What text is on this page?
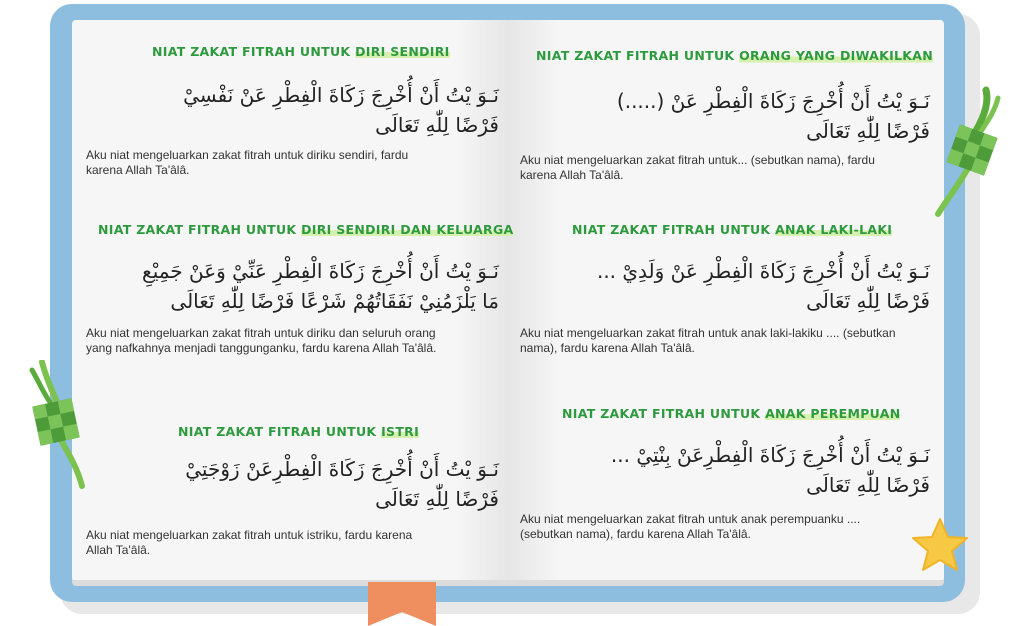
NIAT ZAKAT FITRAH UNTUK DIRI SENDIRI
نَـوَ يْتُ أَنْ أُخْرِجَ زَكَاةَ الْفِطْرِ عَنْ نَفْسِيْ
فَرْضًا لِلّٰهِ تَعَالَى
Aku niat mengeluarkan zakat fitrah untuk diriku sendiri, fardu karena Allah Ta'âlâ.
NIAT ZAKAT FITRAH UNTUK DIRI SENDIRI DAN KELUARGA
نَـوَ يْتُ أَنْ أُخْرِجَ زَكَاةَ الْفِطْرِ عَنِّيْ وَعَنْ جَمِيْعِ
مَا يَلْزَمُنِيْ نَفَقَاتُهُمْ شَرْعًا فَرْضًا لِلّٰهِ تَعَالَى
Aku niat mengeluarkan zakat fitrah untuk diriku dan seluruh orang yang nafkahnya menjadi tanggunganku, fardu karena Allah Ta'âlâ.
NIAT ZAKAT FITRAH UNTUK ISTRI
نَـوَ يْتُ أَنْ أُخْرِجَ زَكَاةَ الْفِطْرِعَنْ زَوْجَتِيْ
فَرْضًا لِلّٰهِ تَعَالَى
Aku niat mengeluarkan zakat fitrah untuk istriku, fardu karena Allah Ta'âlâ.
NIAT ZAKAT FITRAH UNTUK ORANG YANG DIWAKILKAN
نَـوَ يْتُ أَنْ أُخْرِجَ زَكَاةَ الْفِطْرِ عَنْ (.....)
فَرْضًا لِلّٰهِ تَعَالَى
Aku niat mengeluarkan zakat fitrah untuk... (sebutkan nama), fardu karena Allah Ta'âlâ.
NIAT ZAKAT FITRAH UNTUK ANAK LAKI-LAKI
نَـوَ يْتُ أَنْ أُخْرِجَ زَكَاةَ الْفِطْرِ عَنْ وَلَدِيْ ...
فَرْضًا لِلّٰهِ تَعَالَى
Aku niat mengeluarkan zakat fitrah untuk anak laki-lakiku .... (sebutkan nama), fardu karena Allah Ta'âlâ.
NIAT ZAKAT FITRAH UNTUK ANAK PEREMPUAN
نَـوَ يْتُ أَنْ أُخْرِجَ زَكَاةَ الْفِطْرِعَنْ بِنْتِيْ ...
فَرْضًا لِلّٰهِ تَعَالَى
Aku niat mengeluarkan zakat fitrah untuk anak perempuanku .... (sebutkan nama), fardu karena Allah Ta'âlâ.
